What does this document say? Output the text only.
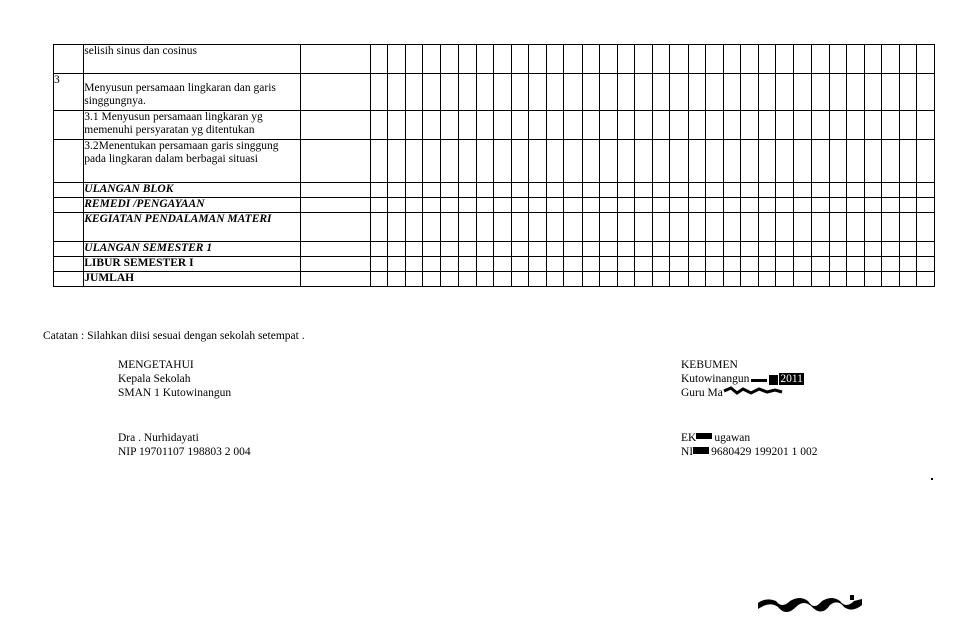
	selisih sinus dan cosinus																																	
3	Menyusun persamaan lingkaran dan garis singgungnya.																																	
	3.1 Menyusun persamaan lingkaran yg memenuhi persyaratan yg ditentukan																																	
	3.2Menentukan persamaan garis singgung pada lingkaran dalam berbagai situasi																																	
	ULANGAN BLOK																																	
	REMEDI /PENGAYAAN																																	
	KEGIATAN PENDALAMAN MATERI																																	
	ULANGAN SEMESTER 1																																	
	LIBUR SEMESTER I																																	
	JUMLAH																																	
Catatan : Silahkan diisi sesuai dengan sekolah setempat .
MENGETAHUI
Kepala Sekolah
SMAN 1 Kutowinangun
Dra . Nurhidayati
NIP 19701107 198803 2 004
KEBUMEN
Kutowinangun	2011
Guru Ma
EK ugawan
NI 9680429 199201 1 002
